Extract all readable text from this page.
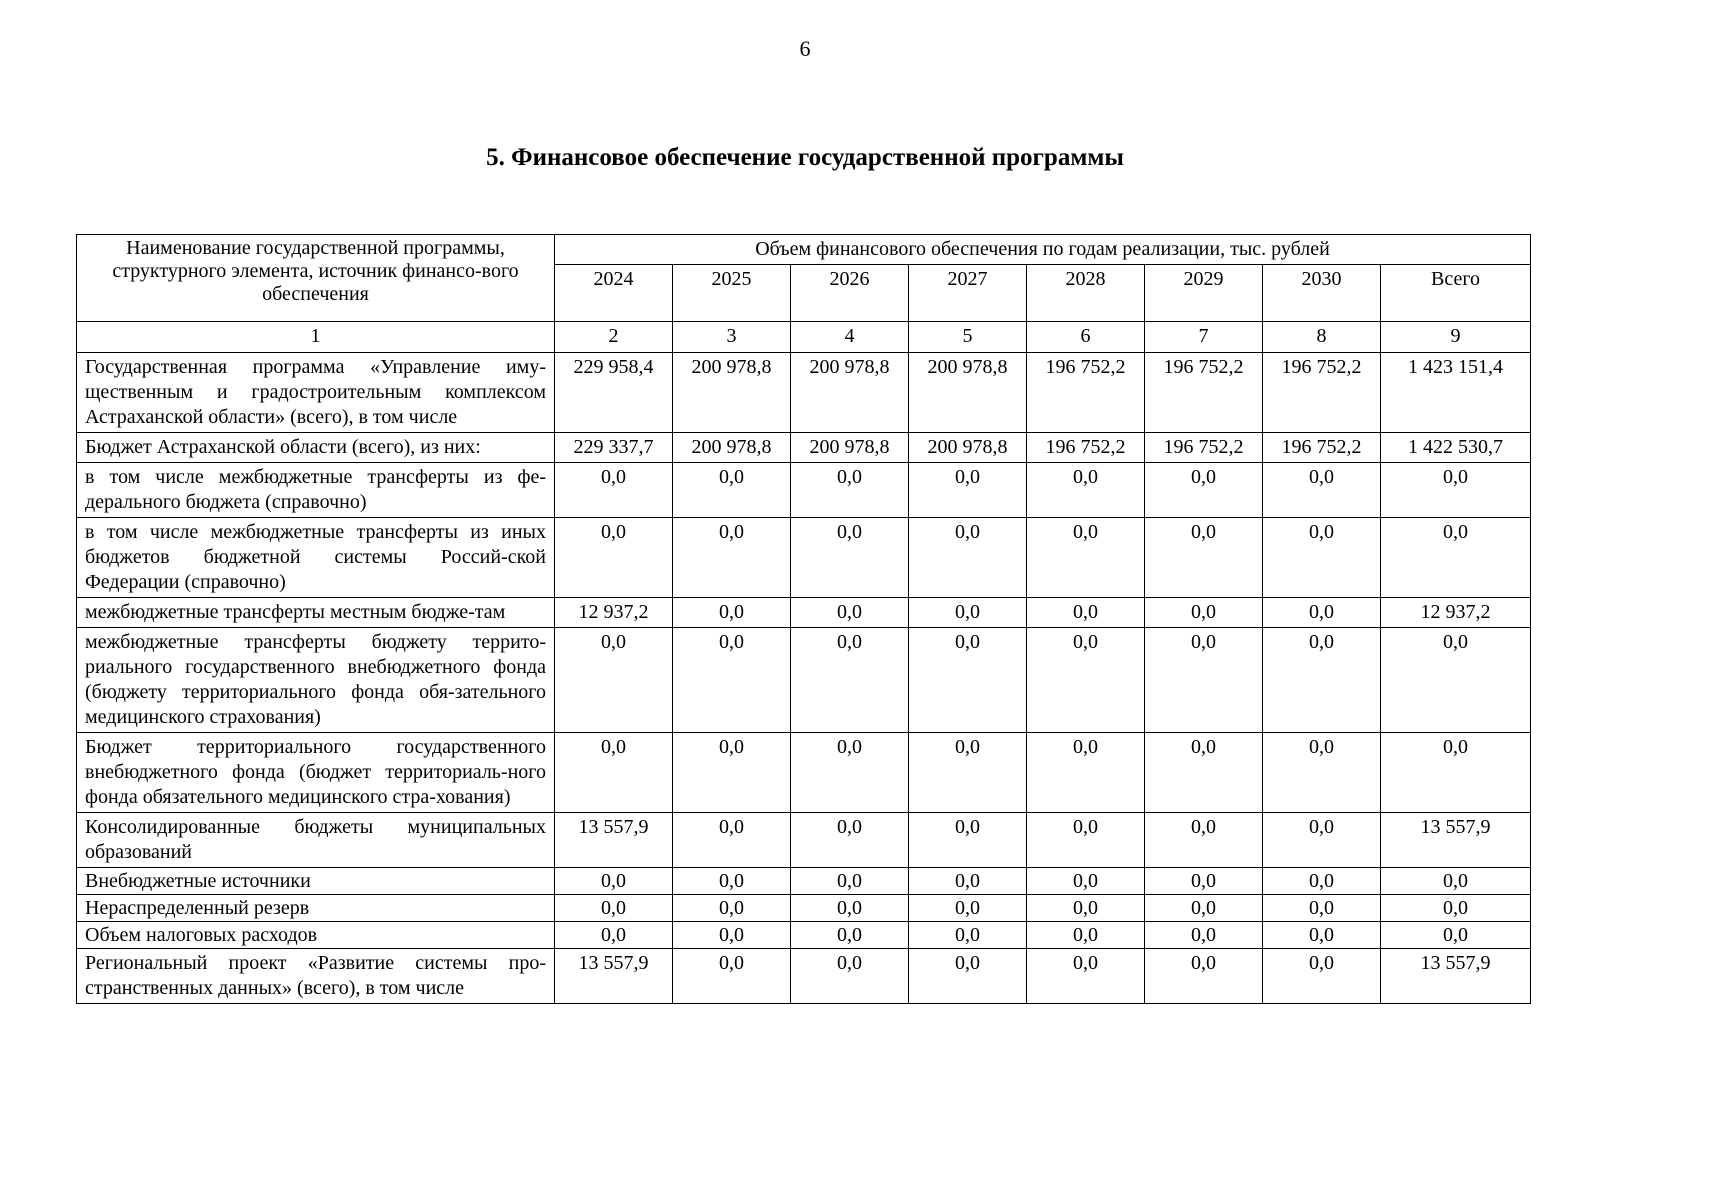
6
5. Финансовое обеспечение государственной программы
Наименование государственной программы, структурного элемента, источник финансо-вого обеспечения	Объем финансового обеспечения по годам реализации, тыс. рублей							
	2024	2025	2026	2027	2028	2029	2030	Всего
1	2	3	4	5	6	7	8	9
Государственная программа «Управление иму-щественным и градостроительным комплексом Астраханской области» (всего), в том числе	229 958,4	200 978,8	200 978,8	200 978,8	196 752,2	196 752,2	196 752,2	1 423 151,4
Бюджет Астраханской области (всего), из них:	229 337,7	200 978,8	200 978,8	200 978,8	196 752,2	196 752,2	196 752,2	1 422 530,7
в том числе межбюджетные трансферты из фе-дерального бюджета (справочно)	0,0	0,0	0,0	0,0	0,0	0,0	0,0	0,0
в том числе межбюджетные трансферты из иных бюджетов бюджетной системы Россий-ской Федерации (справочно)	0,0	0,0	0,0	0,0	0,0	0,0	0,0	0,0
межбюджетные трансферты местным бюдже-там	12 937,2	0,0	0,0	0,0	0,0	0,0	0,0	12 937,2
межбюджетные трансферты бюджету террито-риального государственного внебюджетного фонда (бюджету территориального фонда обя-зательного медицинского страхования)	0,0	0,0	0,0	0,0	0,0	0,0	0,0	0,0
Бюджет территориального государственного внебюджетного фонда (бюджет территориаль-ного фонда обязательного медицинского стра-хования)	0,0	0,0	0,0	0,0	0,0	0,0	0,0	0,0
Консолидированные бюджеты муниципальных образований	13 557,9	0,0	0,0	0,0	0,0	0,0	0,0	13 557,9
Внебюджетные источники	0,0	0,0	0,0	0,0	0,0	0,0	0,0	0,0
Нераспределенный резерв	0,0	0,0	0,0	0,0	0,0	0,0	0,0	0,0
Объем налоговых расходов	0,0	0,0	0,0	0,0	0,0	0,0	0,0	0,0
Региональный проект «Развитие системы про-странственных данных» (всего), в том числе	13 557,9	0,0	0,0	0,0	0,0	0,0	0,0	13 557,9
